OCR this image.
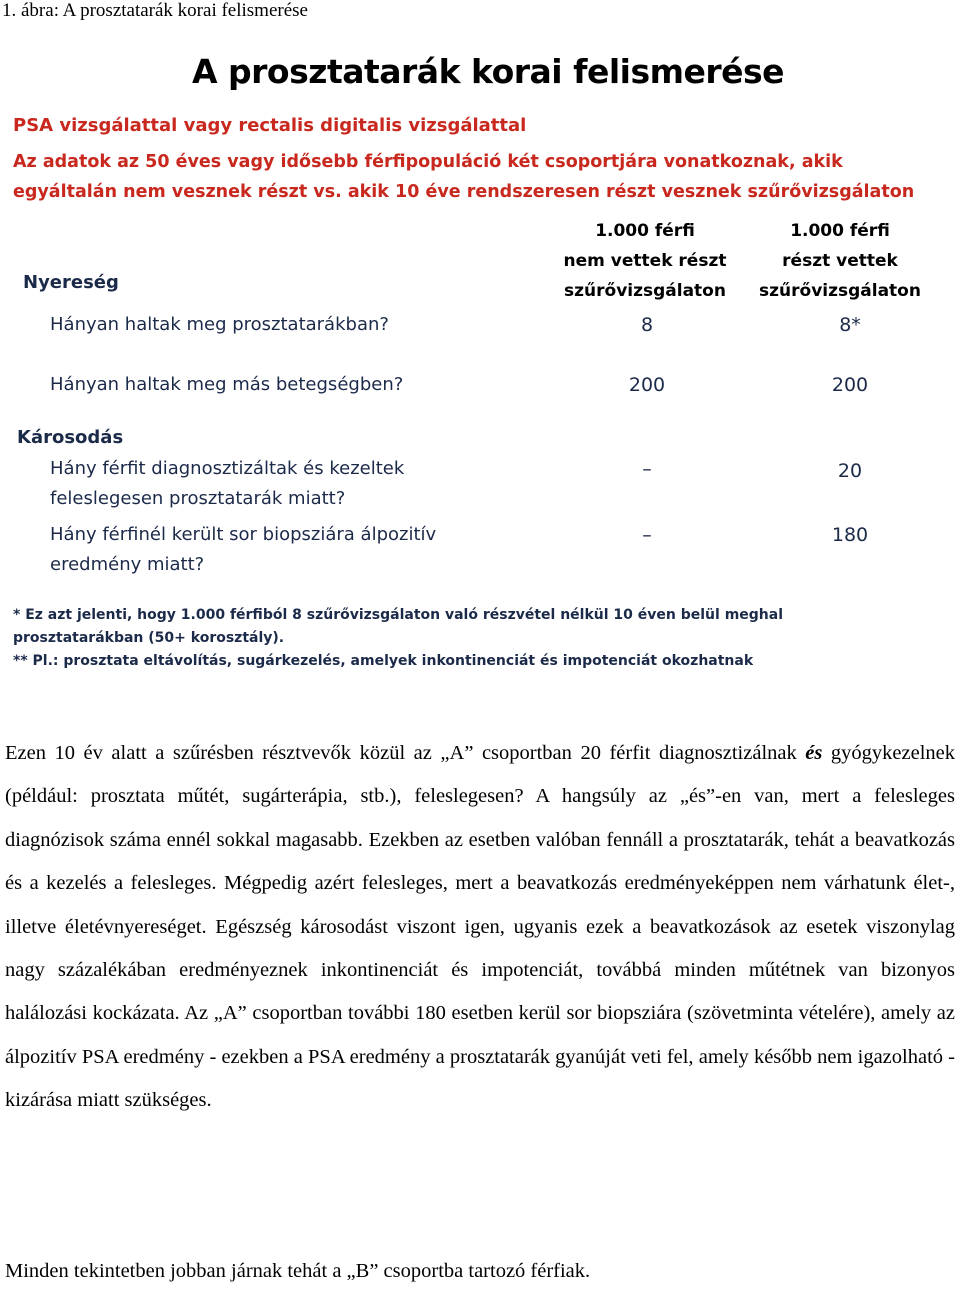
1. ábra: A prosztatarák korai felismerése
A prosztatarák korai felismerése
PSA vizsgálattal vagy rectalis digitalis vizsgálattal
Az adatok az 50 éves vagy idősebb férfipopuláció két csoportjára vonatkoznak, akik
egyáltalán nem vesznek részt vs. akik 10 éve rendszeresen részt vesznek szűrővizsgálaton
1.000 férfi
nem vettek részt
szűrővizsgálaton
1.000 férfi
részt vettek
szűrővizsgálaton
Nyereség
Hányan haltak meg prosztatarákban?	8	8*
Hányan haltak meg más betegségben?	200	200
Károsodás
Hány férfit diagnosztizáltak és kezeltek
feleslegesen prosztatarák miatt?
–	20
Hány férfinél került sor biopsziára álpozitív
eredmény miatt?
–	180
* Ez azt jelenti, hogy 1.000 férfiból 8 szűrővizsgálaton való részvétel nélkül 10 éven belül meghal
prosztatarákban (50+ korosztály).
** Pl.: prosztata eltávolítás, sugárkezelés, amelyek inkontinenciát és impotenciát okozhatnak

Ezen 10 év alatt a szűrésben résztvevők közül az „A” csoportban 20 férfit diagnosztizálnak és gyógykezelnek (például: prosztata műtét, sugárterápia, stb.), feleslegesen? A hangsúly az „és”-en van, mert a felesleges diagnózisok száma ennél sokkal magasabb. Ezekben az esetben valóban fennáll a prosztatarák, tehát a beavatkozás és a kezelés a felesleges. Mégpedig azért felesleges, mert a beavatkozás eredményeképpen nem várhatunk élet-, illetve életévnyereséget. Egészség károsodást viszont igen, ugyanis ezek a beavatkozások az esetek viszonylag nagy százalékában eredményeznek inkontinenciát és impotenciát, továbbá minden műtétnek van bizonyos halálozási kockázata. Az „A” csoportban további 180 esetben kerül sor biopsziára (szövetminta vételére), amely az álpozitív PSA eredmény - ezekben a PSA eredmény a prosztatarák gyanúját veti fel, amely később nem igazolható - kizárása miatt szükséges.

Minden tekintetben jobban járnak tehát a „B” csoportba tartozó férfiak.
